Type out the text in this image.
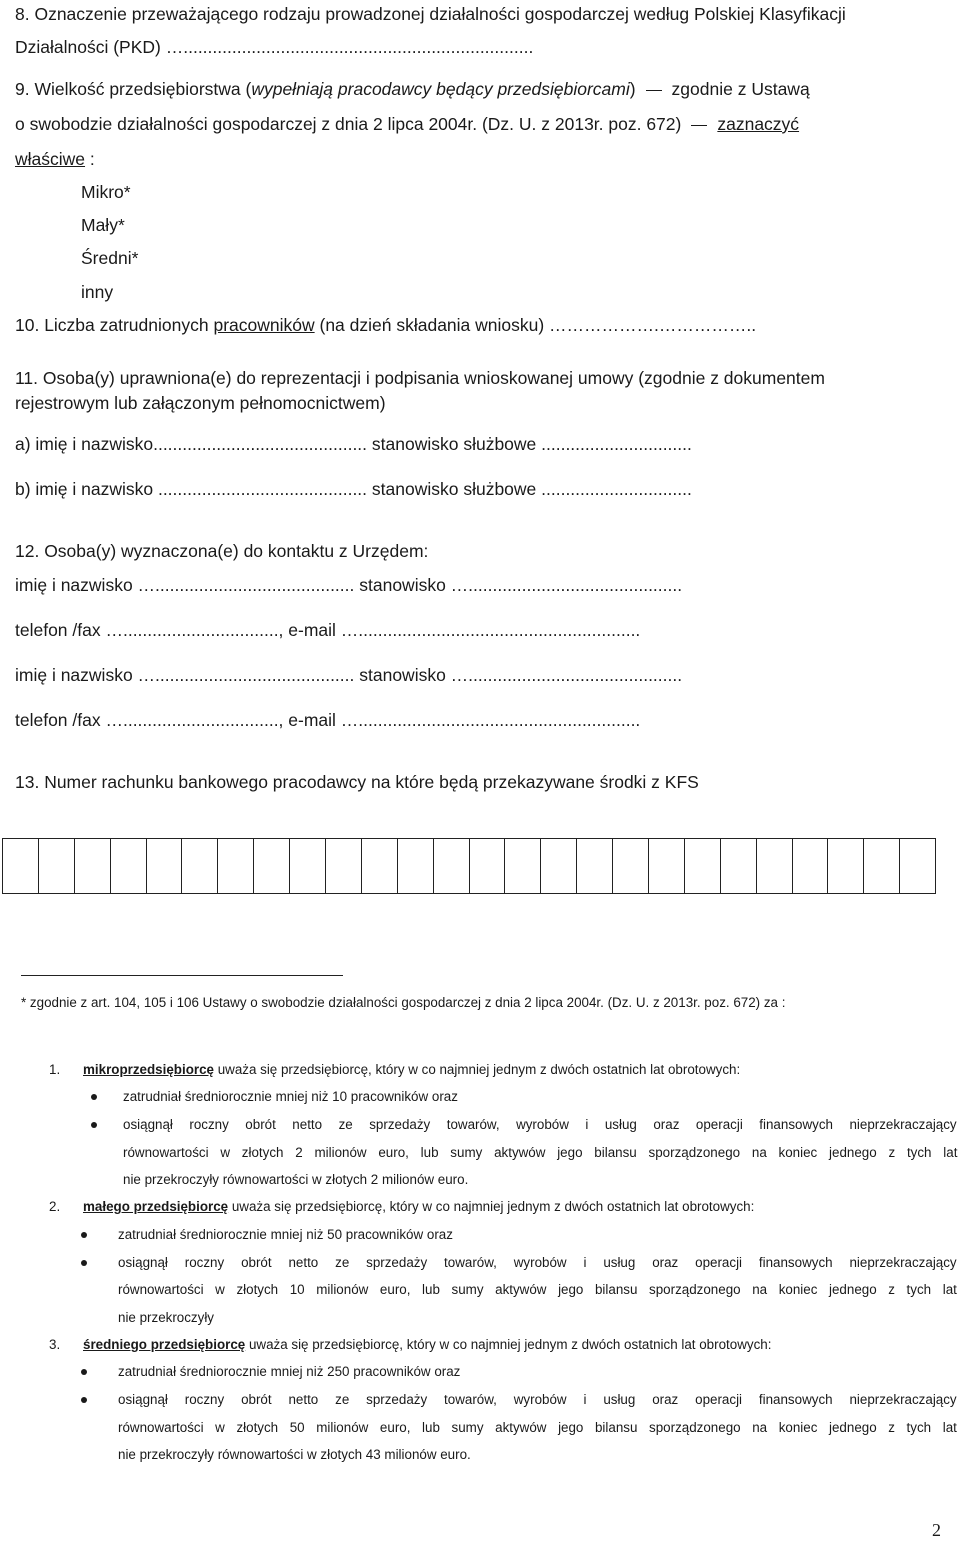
8. Oznaczenie przeważającego rodzaju prowadzonej działalności gospodarczej według Polskiej Klasyfikacji
Działalności (PKD) …........................................................................
9. Wielkość przedsiębiorstwa (wypełniają pracodawcy będący przedsiębiorcami) zgodnie z Ustawą
o swobodzie działalności gospodarczej z dnia 2 lipca 2004r. (Dz. U. z 2013r. poz. 672) zaznaczyć
właściwe :
Mikro*
Mały*
Średni*
inny
10. Liczba zatrudnionych pracowników (na dzień składania wniosku) ……………….……………..
11. Osoba(y) uprawniona(e) do reprezentacji i podpisania wnioskowanej umowy (zgodnie z dokumentem
rejestrowym lub załączonym pełnomocnictwem)
a) imię i nazwisko............................................ stanowisko służbowe ...............................
b) imię i nazwisko ........................................... stanowisko służbowe ...............................
12. Osoba(y) wyznaczona(e) do kontaktu z Urzędem:
imię i nazwisko …......................................... stanowisko …............................................
telefon /fax …................................, e-mail …..........................................................
imię i nazwisko …......................................... stanowisko …............................................
telefon /fax …................................, e-mail …..........................................................
13. Numer rachunku bankowego pracodawcy na które będą przekazywane środki z KFS
* zgodnie z art. 104, 105 i 106 Ustawy o swobodzie działalności gospodarczej z dnia 2 lipca 2004r. (Dz. U. z 2013r. poz. 672) za :
1. mikroprzedsiębiorcę uważa się przedsiębiorcę, który w co najmniej jednym z dwóch ostatnich lat obrotowych:
zatrudniał średniorocznie mniej niż 10 pracowników oraz
osiągnął roczny obrót netto ze sprzedaży towarów, wyrobów i usług oraz operacji finansowych nieprzekraczający
równowartości w złotych 2 milionów euro, lub sumy aktywów jego bilansu sporządzonego na koniec jednego z tych lat
nie przekroczyły równowartości w złotych 2 milionów euro.
2. małego przedsiębiorcę uważa się przedsiębiorcę, który w co najmniej jednym z dwóch ostatnich lat obrotowych:
zatrudniał średniorocznie mniej niż 50 pracowników oraz
osiągnął roczny obrót netto ze sprzedaży towarów, wyrobów i usług oraz operacji finansowych nieprzekraczający
równowartości w złotych 10 milionów euro, lub sumy aktywów jego bilansu sporządzonego na koniec jednego z tych lat
nie przekroczyły
3. średniego przedsiębiorcę uważa się przedsiębiorcę, który w co najmniej jednym z dwóch ostatnich lat obrotowych:
zatrudniał średniorocznie mniej niż 250 pracowników oraz
osiągnął roczny obrót netto ze sprzedaży towarów, wyrobów i usług oraz operacji finansowych nieprzekraczający
równowartości w złotych 50 milionów euro, lub sumy aktywów jego bilansu sporządzonego na koniec jednego z tych lat
nie przekroczyły równowartości w złotych 43 milionów euro.
2
